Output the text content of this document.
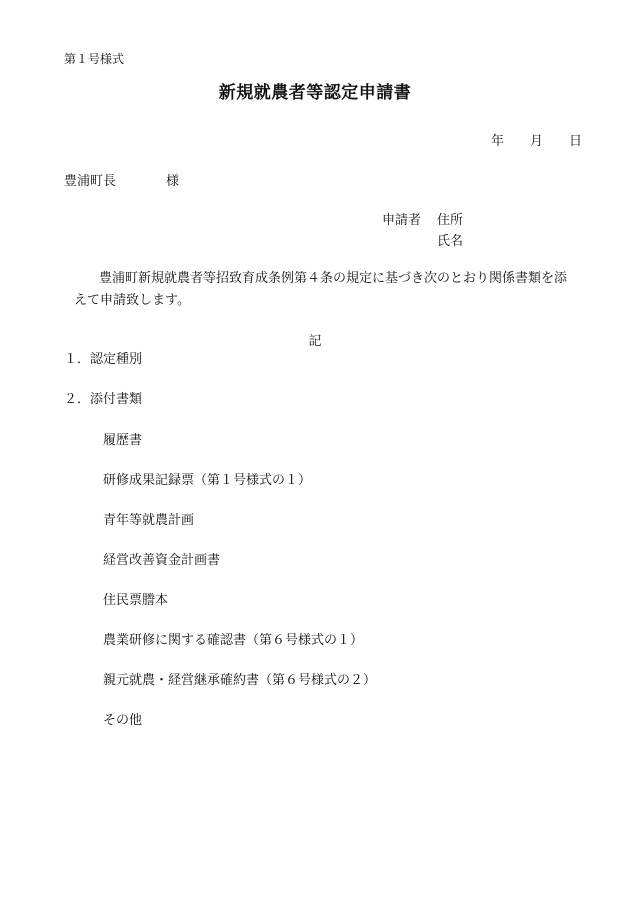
第１号様式
新規就農者等認定申請書
年 月 日
豊浦町長	様
申請者 住所
氏名
豊浦町新規就農者等招致育成条例第４条の規定に基づき次のとおり関係書類を添
えて申請致します。
記
１．認定種別
２．添付書類
履歴書
研修成果記録票（第１号様式の１）
青年等就農計画
経営改善資金計画書
住民票謄本
農業研修に関する確認書（第６号様式の１）
親元就農・経営継承確約書（第６号様式の２）
その他
